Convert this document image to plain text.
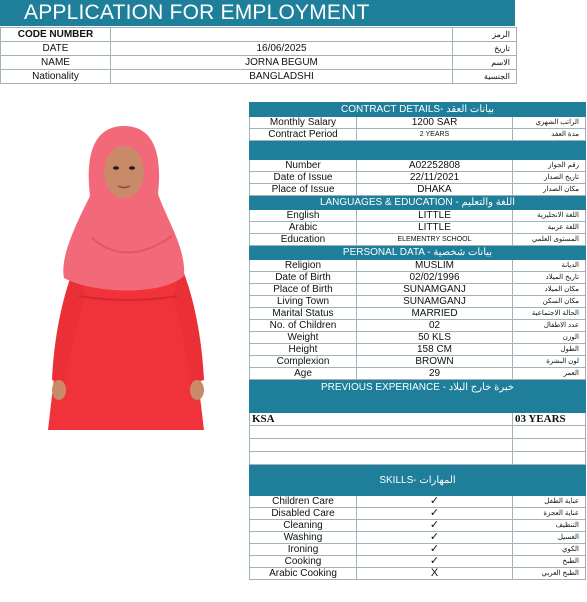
APPLICATION FOR EMPLOYMENT
CODE NUMBER		الرمز
DATE	16/06/2025	تاريخ
NAME	JORNA BEGUM	الاسم
Nationality	BANGLADSHI	الجنسية
CONTRACT DETAILS- بيانات العقد		
Monthly Salary	1200 SAR	الراتب الشهري
Contract Period	2 YEARS	مدة العقد

Number	A02252808	رقم الجواز
Date of Issue	22/11/2021	تاريخ الصدار
Place of Issue	DHAKA	مكان الصدار
LANGUAGES & EDUCATION - اللغة والتعليم		
English	LITTLE	اللغة الانجليزية
Arabic	LITTLE	اللغة عربية
Education	ELEMENTRY SCHOOL	المستوى العلمي
PERSONAL DATA - بيانات شخصية		
Religion	MUSLIM	الديانة
Date of Birth	02/02/1996	تاريخ الميلاد
Place of Birth	SUNAMGANJ	مكان الميلاد
Living Town	SUNAMGANJ	مكان السكن
Marital Status	MARRIED	الحالة الاجتماعية
No. of Children	02	عدد الاطفال
Weight	50 KLS	الوزن
Height	158 CM	الطول
Complexion	BROWN	لون البشرة
Age	29	العمر
PREVIOUS EXPERIANCE - خبرة خارج البلاد		
KSA		03 YEARS

SKILLS- المهارات		
Children Care	✓	عناية الطفل
Disabled Care	✓	عناية العجزة
Cleaning	✓	التنظيف
Washing	✓	الغسيل
Ironing	✓	الكوي
Cooking	✓	الطبخ
Arabic Cooking	X	الطبخ العربي
